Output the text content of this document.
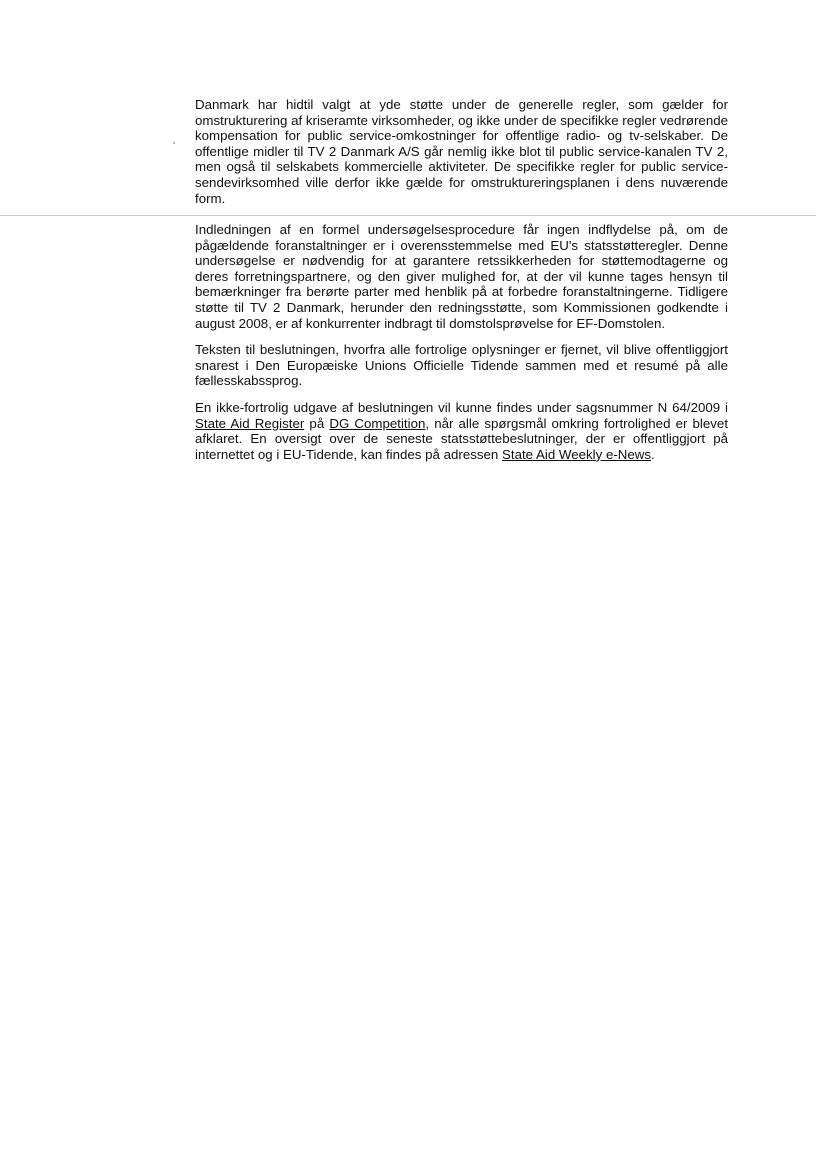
Danmark har hidtil valgt at yde støtte under de generelle regler, som gælder for omstrukturering af kriseramte virksomheder, og ikke under de specifikke regler vedrørende kompensation for public service-omkostninger for offentlige radio- og tv-selskaber. De offentlige midler til TV 2 Danmark A/S går nemlig ikke blot til public service-kanalen TV 2, men også til selskabets kommercielle aktiviteter. De specifikke regler for public service-sendevirksomhed ville derfor ikke gælde for omstruktureringsplanen i dens nuværende form.

Indledningen af en formel undersøgelsesprocedure får ingen indflydelse på, om de pågældende foranstaltninger er i overensstemmelse med EU's statsstøtteregler. Denne undersøgelse er nødvendig for at garantere retssikkerheden for støttemodtagerne og deres forretningspartnere, og den giver mulighed for, at der vil kunne tages hensyn til bemærkninger fra berørte parter med henblik på at forbedre foranstaltningerne. Tidligere støtte til TV 2 Danmark, herunder den redningsstøtte, som Kommissionen godkendte i august 2008, er af konkurrenter indbragt til domstolsprøvelse for EF-Domstolen.

Teksten til beslutningen, hvorfra alle fortrolige oplysninger er fjernet, vil blive offentliggjort snarest i Den Europæiske Unions Officielle Tidende sammen med et resumé på alle fællesskabssprog.

En ikke-fortrolig udgave af beslutningen vil kunne findes under sagsnummer N 64/2009 i State Aid Register på DG Competition, når alle spørgsmål omkring fortrolighed er blevet afklaret. En oversigt over de seneste statsstøttebeslutninger, der er offentliggjort på internettet og i EU-Tidende, kan findes på adressen State Aid Weekly e-News.
